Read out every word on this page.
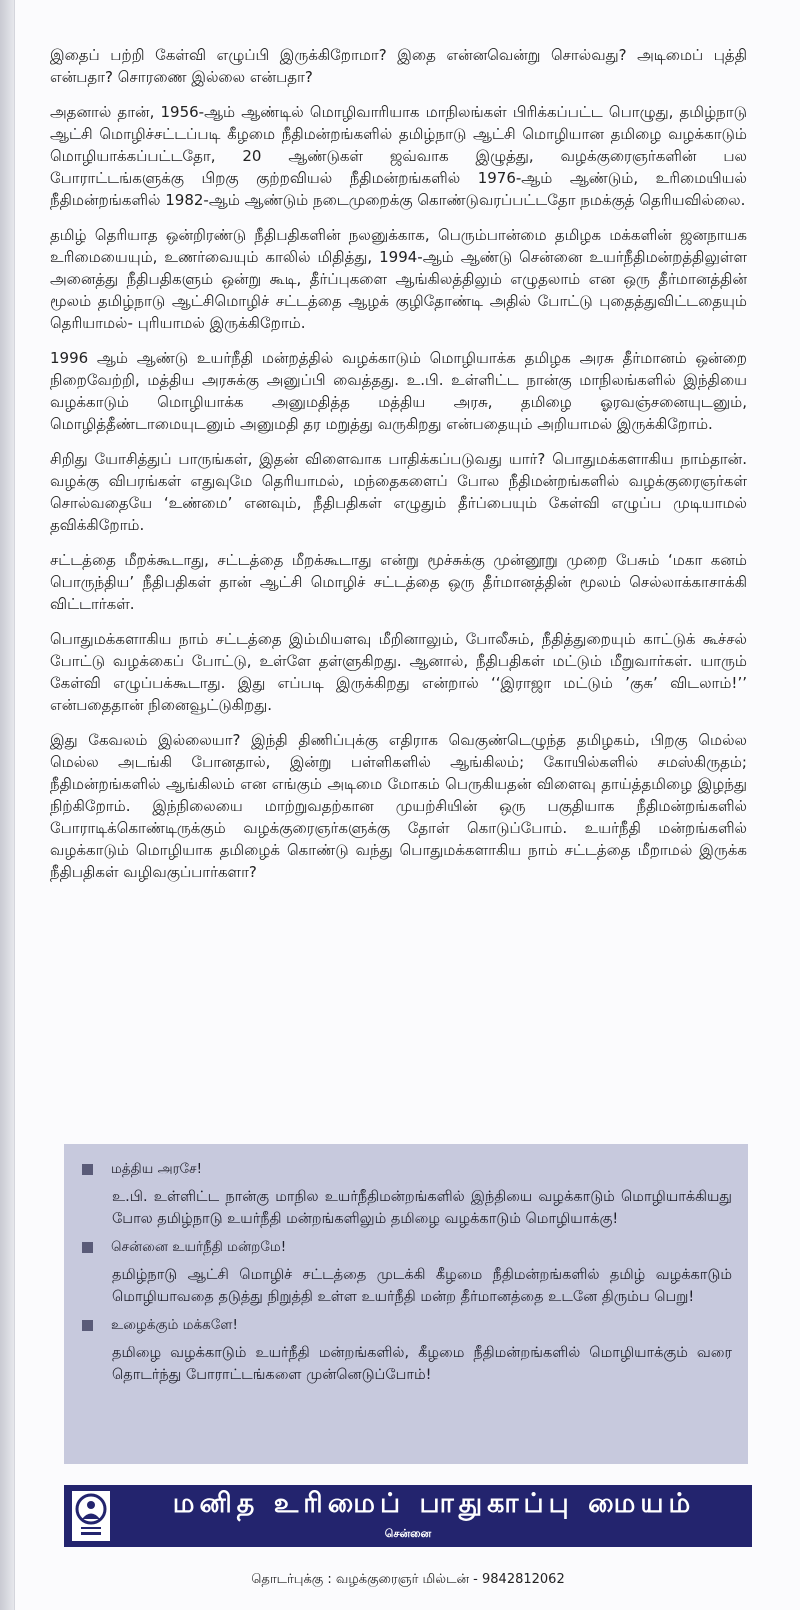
இதைப் பற்றி கேள்வி எழுப்பி இருக்கிறோமா? இதை என்னவென்று சொல்வது? அடிமைப் புத்தி என்பதா? சொரணை இல்லை என்பதா?

அதனால் தான், 1956-ஆம் ஆண்டில் மொழிவாரியாக மாநிலங்கள் பிரிக்கப்பட்ட பொழுது, தமிழ்நாடு ஆட்சி மொழிச்சட்டப்படி கீழமை நீதிமன்றங்களில் தமிழ்நாடு ஆட்சி மொழியான தமிழை வழக்காடும் மொழியாக்கப்பட்டதோ, 20 ஆண்டுகள் ஜவ்வாக இழுத்து, வழக்குரைஞர்களின் பல போராட்டங்களுக்கு பிறகு குற்றவியல் நீதிமன்றங்களில் 1976-ஆம் ஆண்டும், உரிமையியல் நீதிமன்றங்களில் 1982-ஆம் ஆண்டும் நடைமுறைக்கு கொண்டுவரப்பட்டதோ நமக்குத் தெரியவில்லை.

தமிழ் தெரியாத ஒன்றிரண்டு நீதிபதிகளின் நலனுக்காக, பெரும்பான்மை தமிழக மக்களின் ஜனநாயக உரிமையையும், உணர்வையும் காலில் மிதித்து, 1994-ஆம் ஆண்டு சென்னை உயர்நீதிமன்றத்திலுள்ள அனைத்து நீதிபதிகளும் ஒன்று கூடி, தீர்ப்புகளை ஆங்கிலத்திலும் எழுதலாம் என ஒரு தீர்மானத்தின் மூலம் தமிழ்நாடு ஆட்சிமொழிச் சட்டத்தை ஆழக் குழிதோண்டி அதில் போட்டு புதைத்துவிட்டதையும் தெரியாமல்- புரியாமல் இருக்கிறோம்.

1996 ஆம் ஆண்டு உயர்நீதி மன்றத்தில் வழக்காடும் மொழியாக்க தமிழக அரசு தீர்மானம் ஒன்றை நிறைவேற்றி, மத்திய அரசுக்கு அனுப்பி வைத்தது. உ.பி. உள்ளிட்ட நான்கு மாநிலங்களில் இந்தியை வழக்காடும் மொழியாக்க அனுமதித்த மத்திய அரசு, தமிழை ஓரவஞ்சனையுடனும், மொழித்தீண்டாமையுடனும் அனுமதி தர மறுத்து வருகிறது என்பதையும் அறியாமல் இருக்கிறோம்.

சிறிது யோசித்துப் பாருங்கள், இதன் விளைவாக பாதிக்கப்படுவது யார்? பொதுமக்களாகிய நாம்தான். வழக்கு விபரங்கள் எதுவுமே தெரியாமல், மந்தைகளைப் போல நீதிமன்றங்களில் வழக்குரைஞர்கள் சொல்வதையே ‘உண்மை’ எனவும், நீதிபதிகள் எழுதும் தீர்ப்பையும் கேள்வி எழுப்ப முடியாமல் தவிக்கிறோம்.

சட்டத்தை மீறக்கூடாது, சட்டத்தை மீறக்கூடாது என்று மூச்சுக்கு முன்னூறு முறை பேசும் ‘மகா கனம் பொருந்திய’ நீதிபதிகள் தான் ஆட்சி மொழிச் சட்டத்தை ஒரு தீர்மானத்தின் மூலம் செல்லாக்காசாக்கி விட்டார்கள்.

பொதுமக்களாகிய நாம் சட்டத்தை இம்மியளவு மீறினாலும், போலீசும், நீதித்துறையும் காட்டுக் கூச்சல் போட்டு வழக்கைப் போட்டு, உள்ளே தள்ளுகிறது. ஆனால், நீதிபதிகள் மட்டும் மீறுவார்கள். யாரும் கேள்வி எழுப்பக்கூடாது. இது எப்படி இருக்கிறது என்றால் ‘‘இராஜா மட்டும் ’குசு’ விடலாம்!’’ என்பதைதான் நினைவூட்டுகிறது.

இது கேவலம் இல்லையா? இந்தி திணிப்புக்கு எதிராக வெகுண்டெழுந்த தமிழகம், பிறகு மெல்ல மெல்ல அடங்கி போனதால், இன்று பள்ளிகளில் ஆங்கிலம்; கோயில்களில் சமஸ்கிருதம்; நீதிமன்றங்களில் ஆங்கிலம் என எங்கும் அடிமை மோகம் பெருகியதன் விளைவு தாய்த்தமிழை இழந்து நிற்கிறோம். இந்நிலையை மாற்றுவதற்கான முயற்சியின் ஒரு பகுதியாக நீதிமன்றங்களில் போராடிக்கொண்டிருக்கும் வழக்குரைஞர்களுக்கு தோள் கொடுப்போம். உயர்நீதி மன்றங்களில் வழக்காடும் மொழியாக தமிழைக் கொண்டு வந்து பொதுமக்களாகிய நாம் சட்டத்தை மீறாமல் இருக்க நீதிபதிகள் வழிவகுப்பார்களா?

மத்திய அரசே!
உ.பி. உள்ளிட்ட நான்கு மாநில உயர்நீதிமன்றங்களில் இந்தியை வழக்காடும் மொழியாக்கியது போல தமிழ்நாடு உயர்நீதி மன்றங்களிலும் தமிழை வழக்காடும் மொழியாக்கு!
சென்னை உயர்நீதி மன்றமே!
தமிழ்நாடு ஆட்சி மொழிச் சட்டத்தை முடக்கி கீழமை நீதிமன்றங்களில் தமிழ் வழக்காடும் மொழியாவதை தடுத்து நிறுத்தி உள்ள உயர்நீதி மன்ற தீர்மானத்தை உடனே திரும்ப பெறு!
உழைக்கும் மக்களே!
தமிழை வழக்காடும் உயர்நீதி மன்றங்களில், கீழமை நீதிமன்றங்களில் மொழியாக்கும் வரை தொடர்ந்து போராட்டங்களை முன்னெடுப்போம்!
மனித உரிமைப் பாதுகாப்பு மையம்
சென்னை
தொடர்புக்கு : வழக்குரைஞர் மில்டன் - 9842812062
